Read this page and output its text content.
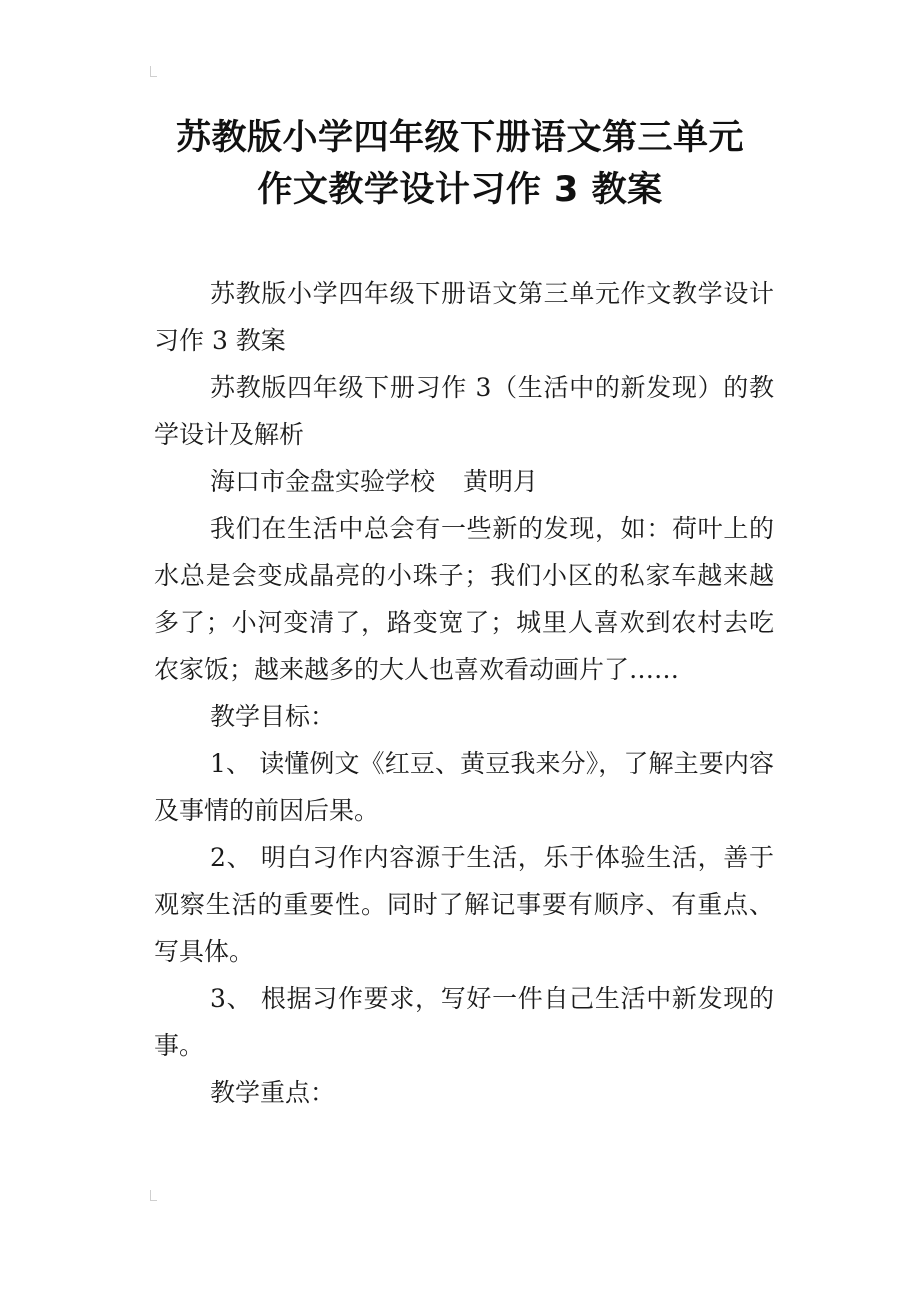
苏教版小学四年级下册语文第三单元
作文教学设计习作 3 教案

苏教版小学四年级下册语文第三单元作文教学设计习作 3 教案

苏教版四年级下册习作 3（生活中的新发现）的教学设计及解析

海口市金盘实验学校 黄明月

我们在生活中总会有一些新的发现，如：荷叶上的水总是会变成晶亮的小珠子；我们小区的私家车越来越多了；小河变清了，路变宽了；城里人喜欢到农村去吃农家饭；越来越多的大人也喜欢看动画片了……

教学目标：

1、 读懂例文《红豆、黄豆我来分》，了解主要内容及事情的前因后果。

2、 明白习作内容源于生活，乐于体验生活，善于观察生活的重要性。同时了解记事要有顺序、有重点、写具体。

3、 根据习作要求，写好一件自己生活中新发现的事。

教学重点：
